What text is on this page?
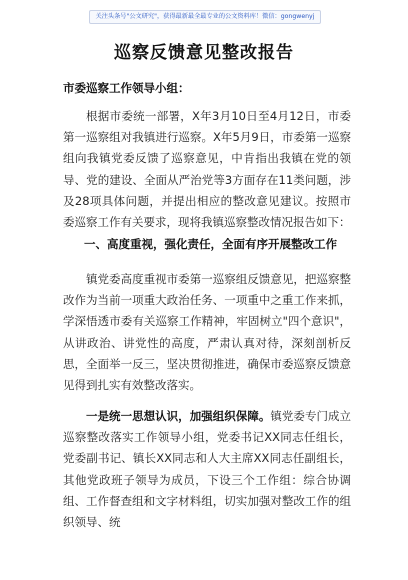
关注头条号"公文研究"，获得最新最全最专业的公文资料库！微信：gongwenyj
巡察反馈意见整改报告
市委巡察工作领导小组：
根据市委统一部署，X年3月10日至4月12日，市委第一巡察组对我镇进行巡察。X年5月9日，市委第一巡察组向我镇党委反馈了巡察意见，中肯指出我镇在党的领导、党的建设、全面从严治党等3方面存在11类问题，涉及28项具体问题，并提出相应的整改意见建议。按照市委巡察工作有关要求，现将我镇巡察整改情况报告如下：
一、高度重视，强化责任，全面有序开展整改工作
镇党委高度重视市委第一巡察组反馈意见，把巡察整改作为当前一项重大政治任务、一项重中之重工作来抓，学深悟透市委有关巡察工作精神，牢固树立"四个意识"，从讲政治、讲党性的高度，严肃认真对待，深刻剖析反思，全面举一反三，坚决贯彻推进，确保市委巡察反馈意见得到扎实有效整改落实。
一是统一思想认识，加强组织保障。镇党委专门成立巡察整改落实工作领导小组，党委书记XX同志任组长，党委副书记、镇长XX同志和人大主席XX同志任副组长，其他党政班子领导为成员，下设三个工作组：综合协调组、工作督查组和文字材料组，切实加强对整改工作的组织领导、统
